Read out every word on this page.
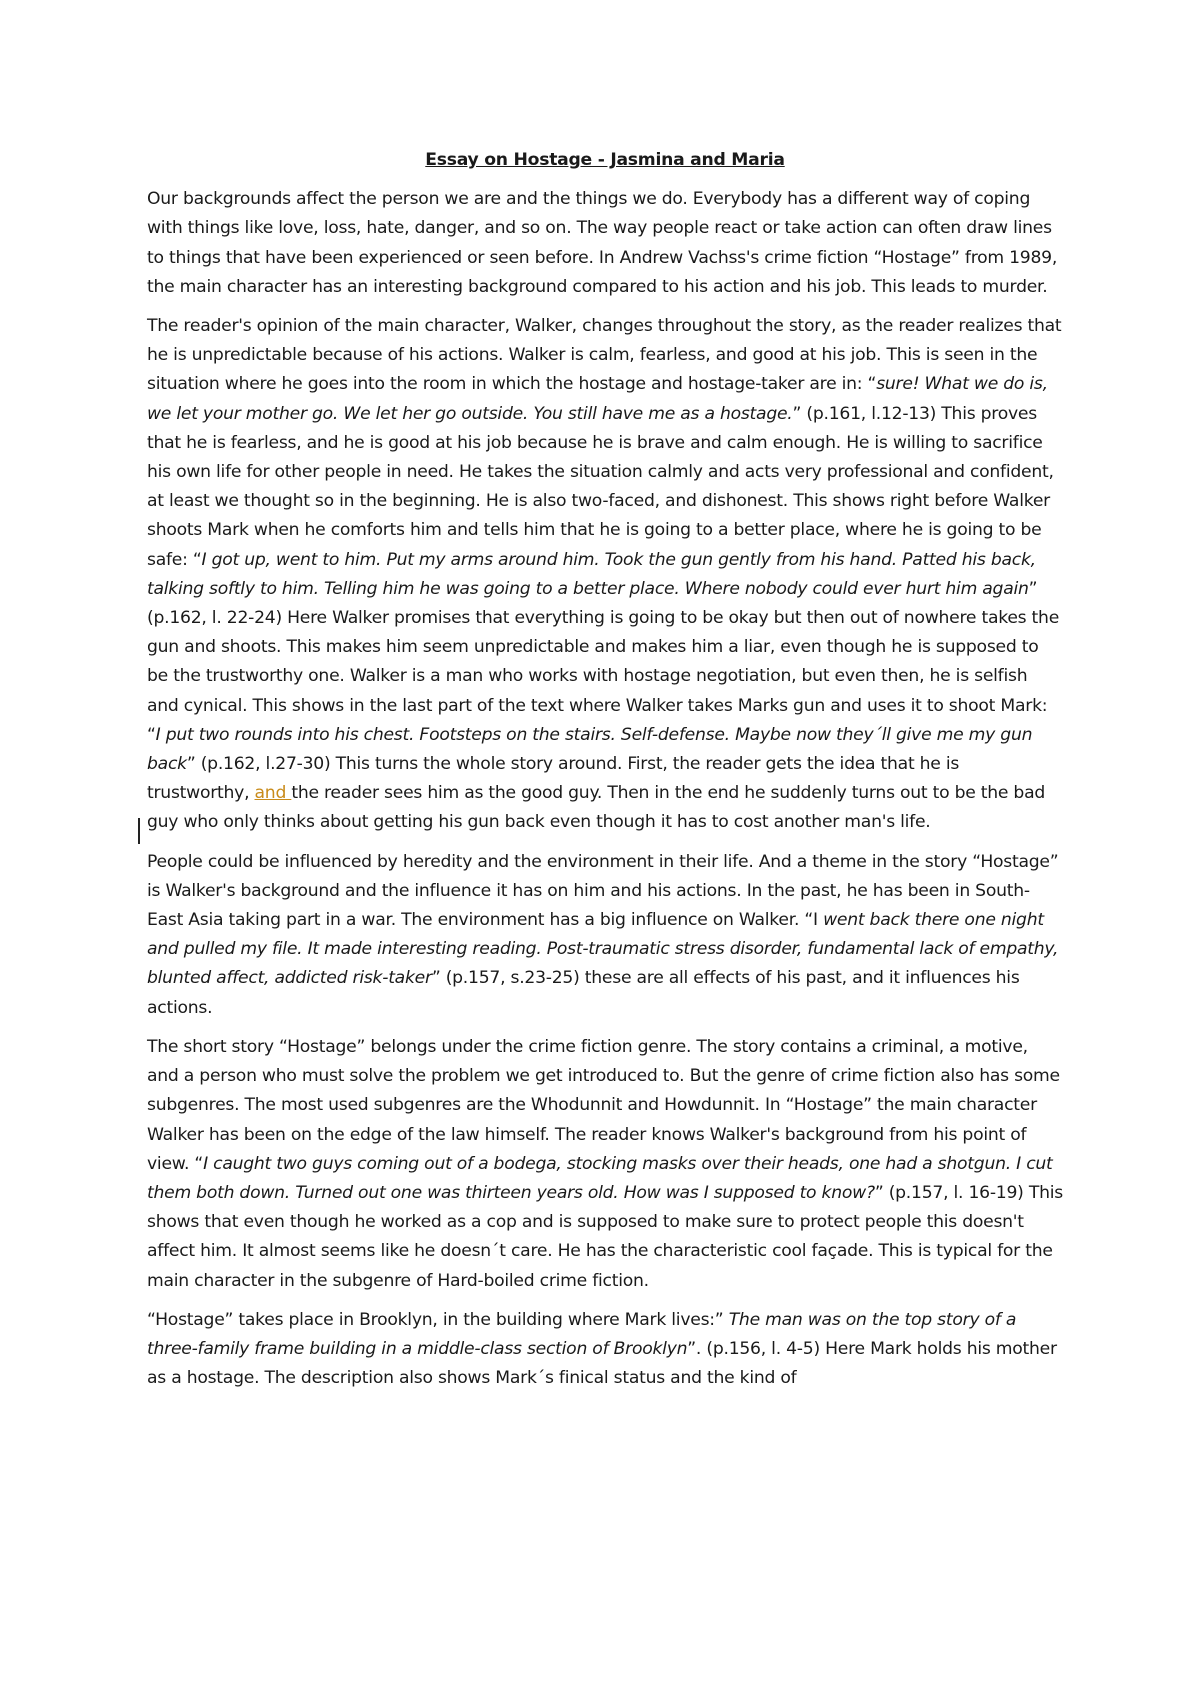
Essay on Hostage - Jasmina and Maria

Our backgrounds affect the person we are and the things we do. Everybody has a different way of coping with things like love, loss, hate, danger, and so on. The way people react or take action can often draw lines to things that have been experienced or seen before. In Andrew Vachss's crime fiction “Hostage” from 1989, the main character has an interesting background compared to his action and his job. This leads to murder.

The reader's opinion of the main character, Walker, changes throughout the story, as the reader realizes that he is unpredictable because of his actions. Walker is calm, fearless, and good at his job. This is seen in the situation where he goes into the room in which the hostage and hostage-taker are in: “sure! What we do is, we let your mother go. We let her go outside. You still have me as a hostage.” (p.161, l.12-13) This proves that he is fearless, and he is good at his job because he is brave and calm enough. He is willing to sacrifice his own life for other people in need. He takes the situation calmly and acts very professional and confident, at least we thought so in the beginning. He is also two-faced, and dishonest. This shows right before Walker shoots Mark when he comforts him and tells him that he is going to a better place, where he is going to be safe: “I got up, went to him. Put my arms around him. Took the gun gently from his hand. Patted his back, talking softly to him. Telling him he was going to a better place. Where nobody could ever hurt him again” (p.162, l. 22-24) Here Walker promises that everything is going to be okay but then out of nowhere takes the gun and shoots. This makes him seem unpredictable and makes him a liar, even though he is supposed to be the trustworthy one. Walker is a man who works with hostage negotiation, but even then, he is selfish and cynical. This shows in the last part of the text where Walker takes Marks gun and uses it to shoot Mark: “I put two rounds into his chest. Footsteps on the stairs. Self-defense. Maybe now they´ll give me my gun back” (p.162, l.27-30) This turns the whole story around. First, the reader gets the idea that he is trustworthy, and the reader sees him as the good guy. Then in the end he suddenly turns out to be the bad guy who only thinks about getting his gun back even though it has to cost another man's life.

People could be influenced by heredity and the environment in their life. And a theme in the story “Hostage” is Walker's background and the influence it has on him and his actions. In the past, he has been in South-East Asia taking part in a war. The environment has a big influence on Walker. “I went back there one night and pulled my file. It made interesting reading. Post-traumatic stress disorder, fundamental lack of empathy, blunted affect, addicted risk-taker” (p.157, s.23-25) these are all effects of his past, and it influences his actions.

The short story “Hostage” belongs under the crime fiction genre. The story contains a criminal, a motive, and a person who must solve the problem we get introduced to. But the genre of crime fiction also has some subgenres. The most used subgenres are the Whodunnit and Howdunnit. In “Hostage” the main character Walker has been on the edge of the law himself. The reader knows Walker's background from his point of view. “I caught two guys coming out of a bodega, stocking masks over their heads, one had a shotgun. I cut them both down. Turned out one was thirteen years old. How was I supposed to know?” (p.157, l. 16-19) This shows that even though he worked as a cop and is supposed to make sure to protect people this doesn't affect him. It almost seems like he doesn´t care. He has the characteristic cool façade. This is typical for the main character in the subgenre of Hard-boiled crime fiction.

“Hostage” takes place in Brooklyn, in the building where Mark lives:” The man was on the top story of a three-family frame building in a middle-class section of Brooklyn”. (p.156, l. 4-5) Here Mark holds his mother as a hostage. The description also shows Mark´s finical status and the kind of
